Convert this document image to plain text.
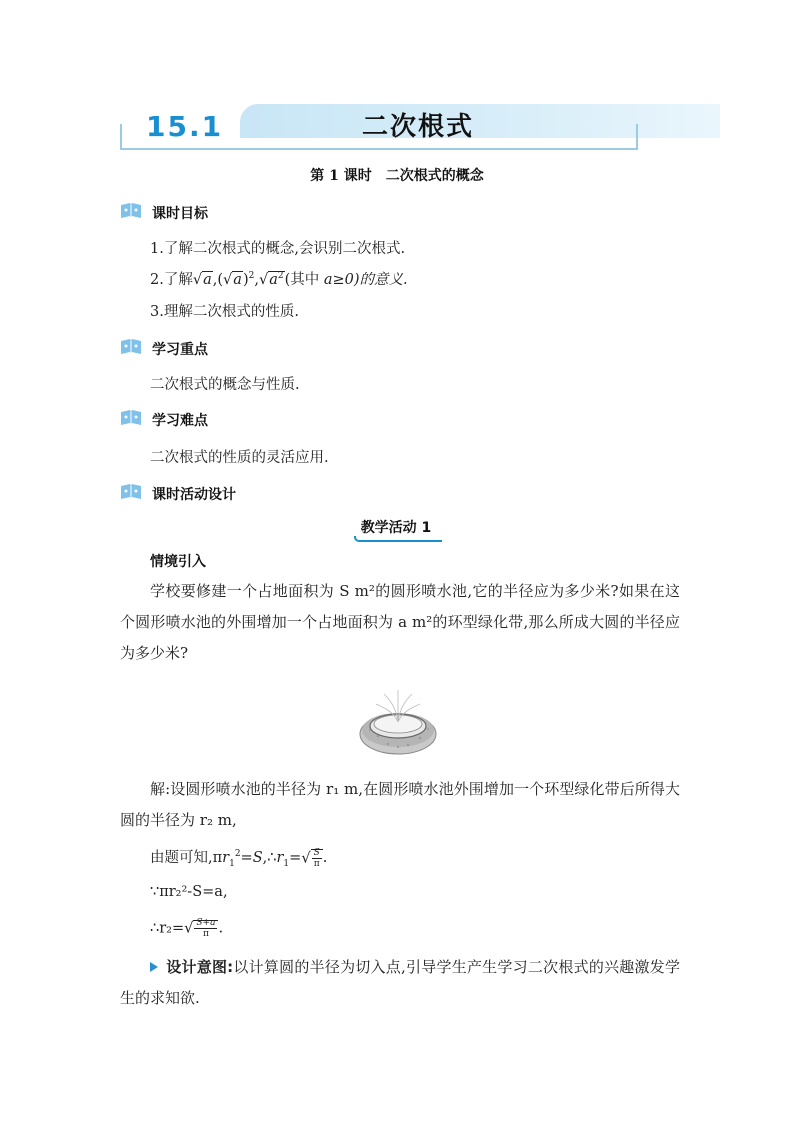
15.1	二次根式
第 1 课时　二次根式的概念
课时目标
1.了解二次根式的概念,会识别二次根式.
2.了解$√a,(√a)^2,√a^2$(其中 a≥0)的意义.
3.理解二次根式的性质.
学习重点
二次根式的概念与性质.
学习难点
二次根式的性质的灵活应用.
课时活动设计
教学活动 1
情境引入
学校要修建一个占地面积为 S m²的圆形喷水池,它的半径应为多少米?如果在这个圆形喷水池的外围增加一个占地面积为 a m²的环型绿化带,那么所成大圆的半径应为多少米?
解:设圆形喷水池的半径为 r₁ m,在圆形喷水池外围增加一个环型绿化带后所得大圆的半径为 r₂ m,
由题可知$,\pi r_1^2=S,\therefore r_1=√ \frac{S}{\pi}$ .
∵πr₂²-S=a,
∴r₂=√ $\frac{S+a}{\pi}$ .
设计意图:以计算圆的半径为切入点,引导学生产生学习二次根式的兴趣激发学生的求知欲.
